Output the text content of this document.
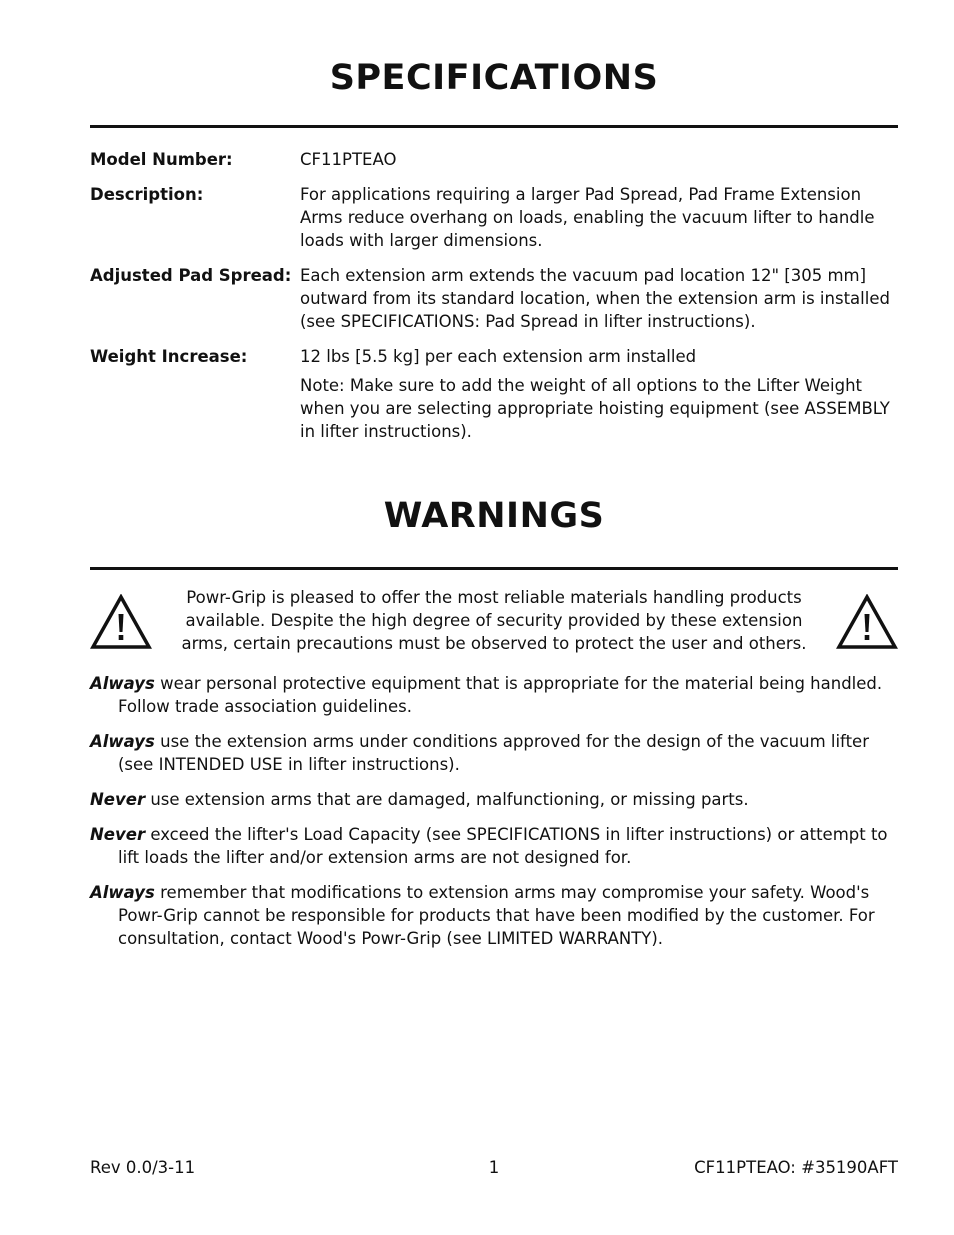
SPECIFICATIONS
Model Number:	CF11PTEAO

Description:	For applications requiring a larger Pad Spread, Pad Frame Extension Arms reduce overhang on loads, enabling the vacuum lifter to handle loads with larger dimensions.

Adjusted Pad Spread: Each extension arm extends the vacuum pad location 12" [305 mm] outward from its standard location, when the extension arm is installed (see SPECIFICATIONS: Pad Spread in lifter instructions).

Weight Increase:	12 lbs [5.5 kg] per each extension arm installed

Note: Make sure to add the weight of all options to the Lifter Weight when you are selecting appropriate hoisting equipment (see ASSEMBLY in lifter instructions).

WARNINGS
Powr-Grip is pleased to offer the most reliable materials handling products available. Despite the high degree of security provided by these extension arms, certain precautions must be observed to protect the user and others.
Always wear personal protective equipment that is appropriate for the material being handled. Follow trade association guidelines.
Always use the extension arms under conditions approved for the design of the vacuum lifter (see INTENDED USE in lifter instructions).
Never use extension arms that are damaged, malfunctioning, or missing parts.
Never exceed the lifter's Load Capacity (see SPECIFICATIONS in lifter instructions) or attempt to lift loads the lifter and/or extension arms are not designed for.
Always remember that modifications to extension arms may compromise your safety. Wood's Powr-Grip cannot be responsible for products that have been modified by the customer. For consultation, contact Wood's Powr-Grip (see LIMITED WARRANTY).
Rev 0.0/3-11	1	CF11PTEAO: #35190AFT
